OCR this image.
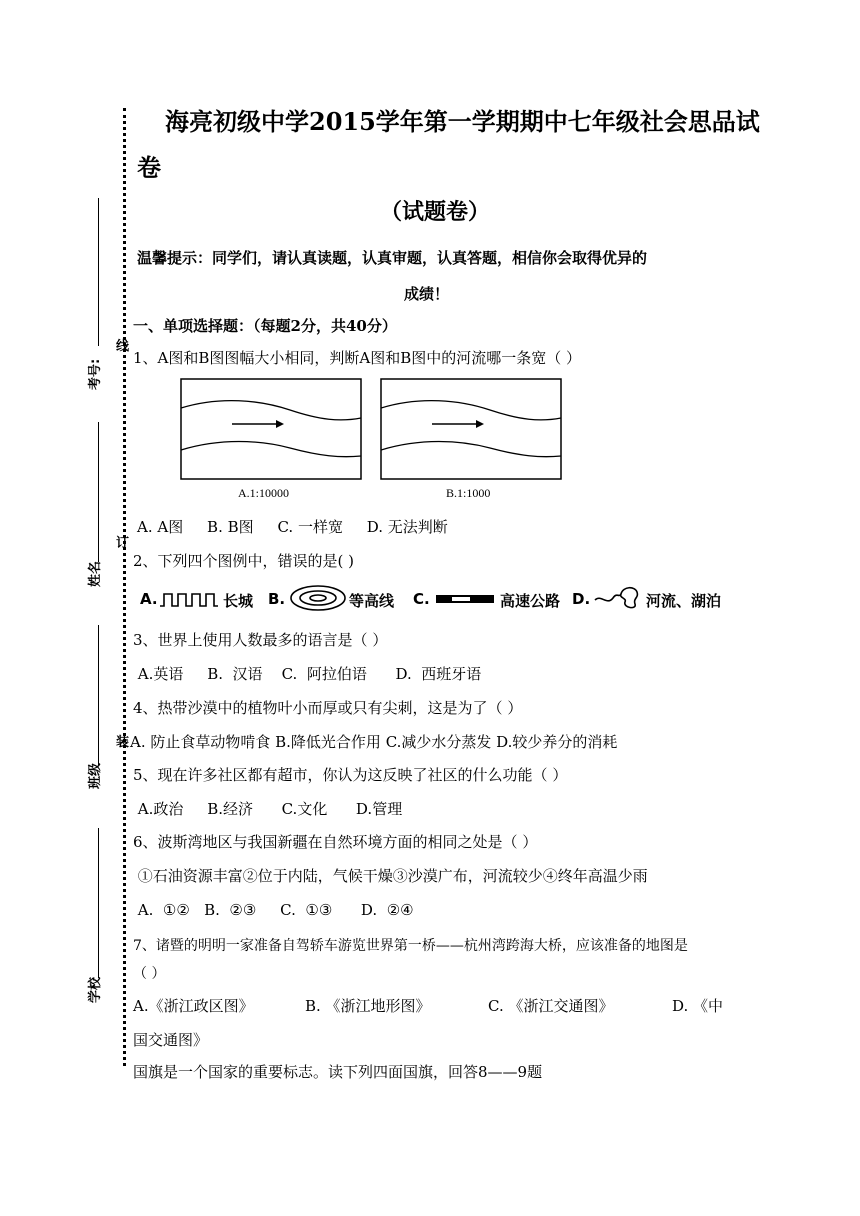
考号:
姓名
班级
学校
线
订
装
海亮初级中学2015学年第一学期期中七年级社会思品试
卷
（试题卷）
温馨提示：同学们，请认真读题，认真审题，认真答题，相信你会取得优异的
成绩！
一、单项选择题：（每题2分，共40分）
1、A图和B图图幅大小相同，判断A图和B图中的河流哪一条宽（ ）
A.1:10000	B.1:1000
A. A图     B. B图     C. 一样宽     D. 无法判断
2、下列四个图例中，错误的是( )
A.	长城 B.	等高线 C.	高速公路 D.	河流、湖泊
3、世界上使用人数最多的语言是（ ）
A.英语     B.  汉语    C.  阿拉伯语      D.  西班牙语
4、热带沙漠中的植物叶小而厚或只有尖刺，这是为了（ ）
A. 防止食草动物啃食 B.降低光合作用 C.减少水分蒸发 D.较少养分的消耗
5、现在许多社区都有超市，你认为这反映了社区的什么功能（ ）
A.政治     B.经济      C.文化      D.管理
6、波斯湾地区与我国新疆在自然环境方面的相同之处是（ ）
①石油资源丰富②位于内陆，气候干燥③沙漠广布，河流较少④终年高温少雨
A.  ①②   B.  ②③     C.  ①③      D.  ②④
7、诸暨的明明一家准备自驾轿车游览世界第一桥——杭州湾跨海大桥，应该准备的地图是
（ ）
A.《浙江政区图》	B. 《浙江地形图》	C. 《浙江交通图》	D. 《中
国交通图》
国旗是一个国家的重要标志。读下列四面国旗，回答8——9题
